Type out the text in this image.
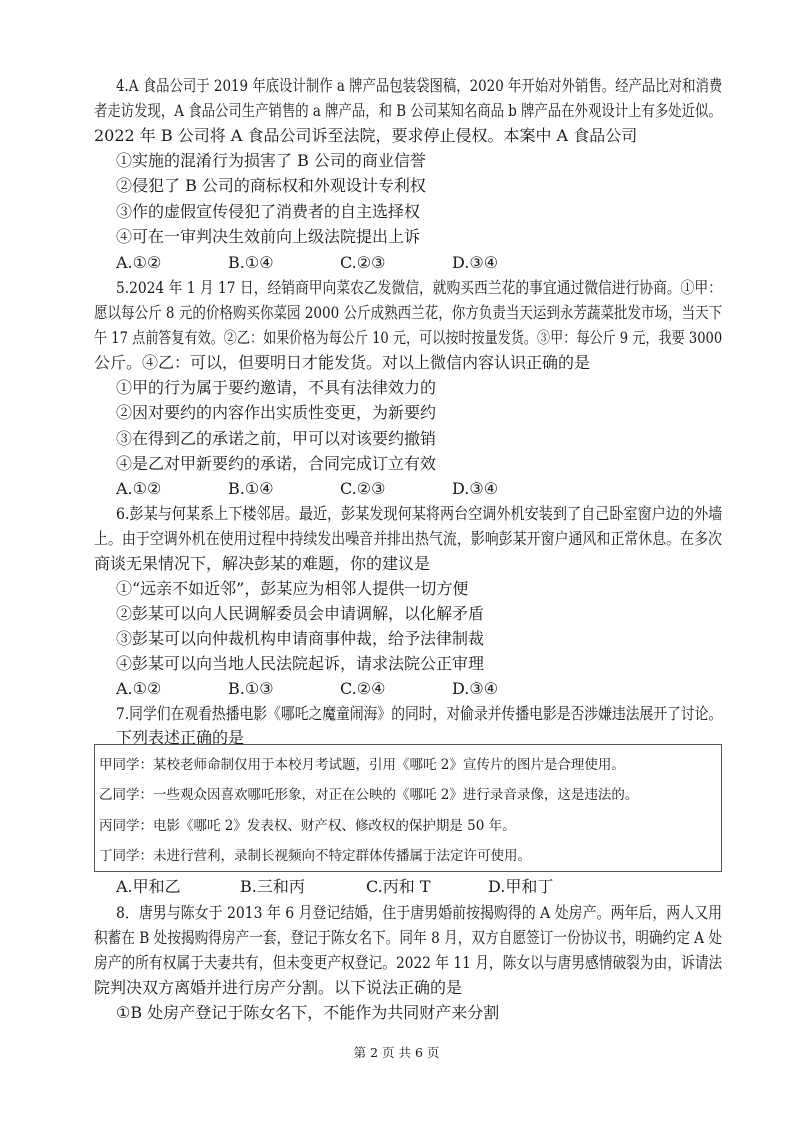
4.A 食品公司于 2019 年底设计制作 a 牌产品包装袋图稿，2020 年开始对外销售。经产品比对和消费
者走访发现，A 食品公司生产销售的 a 牌产品，和 B 公司某知名商品 b 牌产品在外观设计上有多处近似。
2022 年 B 公司将 A 食品公司诉至法院，要求停止侵权。本案中 A 食品公司
①实施的混淆行为损害了 B 公司的商业信誉
②侵犯了 B 公司的商标权和外观设计专利权
③作的虚假宣传侵犯了消费者的自主选择权
④可在一审判决生效前向上级法院提出上诉
A.①②	B.①④	C.②③	D.③④
5.2024 年 1 月 17 日，经销商甲向菜农乙发微信，就购买西兰花的事宜通过微信进行协商。①甲：
愿以每公斤 8 元的价格购买你菜园 2000 公斤成熟西兰花，你方负责当天运到永芳蔬菜批发市场，当天下
午 17 点前答复有效。②乙：如果价格为每公斤 10 元，可以按时按量发货。③甲：每公斤 9 元，我要 3000
公斤。④乙：可以，但要明日才能发货。对以上微信内容认识正确的是
①甲的行为属于要约邀请，不具有法律效力的
②因对要约的内容作出实质性变更，为新要约
③在得到乙的承诺之前，甲可以对该要约撤销
④是乙对甲新要约的承诺，合同完成订立有效
A.①②	B.①④	C.②③	D.③④
6.彭某与何某系上下楼邻居。最近，彭某发现何某将两台空调外机安装到了自己卧室窗户边的外墙
上。由于空调外机在使用过程中持续发出噪音并排出热气流，影响彭某开窗户通风和正常休息。在多次
商谈无果情况下，解决彭某的难题，你的建议是
①“远亲不如近邻”，彭某应为相邻人提供一切方便
②彭某可以向人民调解委员会申请调解，以化解矛盾
③彭某可以向仲裁机构申请商事仲裁，给予法律制裁
④彭某可以向当地人民法院起诉，请求法院公正审理
A.①②	B.①③	C.②④	D.③④
7.同学们在观看热播电影《哪吒之魔童闹海》的同时，对偷录并传播电影是否涉嫌违法展开了讨论。
下列表述正确的是
甲同学：某校老师命制仅用于本校月考试题，引用《哪吒 2》宣传片的图片是合理使用。
乙同学：一些观众因喜欢哪吒形象，对正在公映的《哪吒 2》进行录音录像，这是违法的。
丙同学：电影《哪吒 2》发表权、财产权、修改权的保护期是 50 年。
丁同学：未进行营利，录制长视频向不特定群体传播属于法定许可使用。
A.甲和乙	B.三和丙	C.丙和 T	D.甲和丁
8．唐男与陈女于 2013 年 6 月登记结婚，住于唐男婚前按揭购得的 A 处房产。两年后，两人又用
积蓄在 B 处按揭购得房产一套，登记于陈女名下。同年 8 月，双方自愿签订一份协议书，明确约定 A 处
房产的所有权属于夫妻共有，但未变更产权登记。2022 年 11 月，陈女以与唐男感情破裂为由，诉请法
院判决双方离婚并进行房产分割。以下说法正确的是
①B 处房产登记于陈女名下，不能作为共同财产来分割
第 2 页 共 6 页
